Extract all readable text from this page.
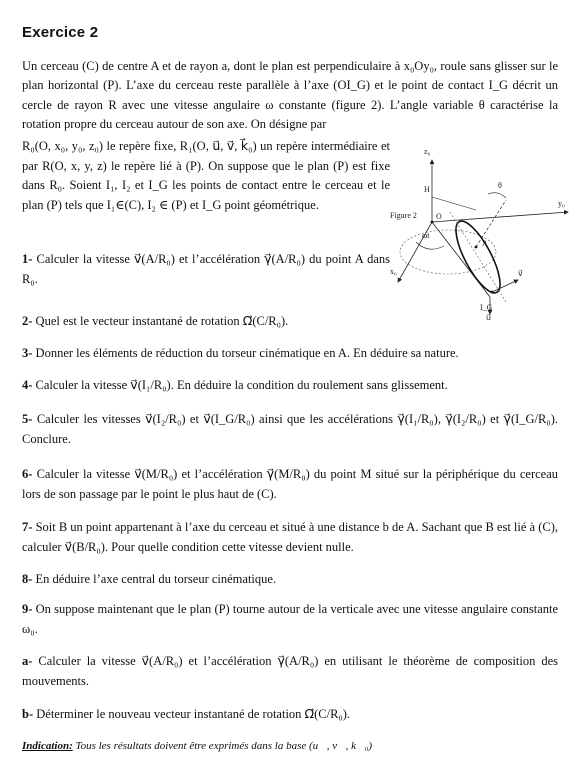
Exercice 2

Un cerceau (C) de centre A et de rayon a, dont le plan est perpendiculaire à x₀Oy₀, roule sans glisser sur le plan horizontal (P). L’axe du cerceau reste parallèle à l’axe (OI_G) et le point de contact I_G décrit un cercle de rayon R avec une vitesse angulaire ω constante (figure 2). L’angle variable θ caractérise la rotation propre du cerceau autour de son axe. On désigne par

R₀(O, x₀, y₀, z₀) le repère fixe, R₁(O, u⃗, v⃗, k⃗₀) un repère intermédiaire et par R(O, x, y, z) le repère lié à (P). On suppose que le plan (P) est fixe dans R₀. Soient I₁, I₂ et I_G les points de contact entre le cerceau et le plan (P) tels que I₁∈(C), I₂ ∈ (P) et I_G point géométrique.

1- Calculer la vitesse v⃗(A/R₀) et l’accélération γ⃗(A/R₀) du point A dans R₀.

2- Quel est le vecteur instantané de rotation Ω⃗(C/R₀).

3- Donner les éléments de réduction du torseur cinématique en A. En déduire sa nature.

4- Calculer la vitesse v⃗(I₁/R₀). En déduire la condition du roulement sans glissement.

5- Calculer les vitesses v⃗(I₂/R₀) et v⃗(I_G/R₀) ainsi que les accélérations γ⃗(I₁/R₀), γ⃗(I₂/R₀) et γ⃗(I_G/R₀). Conclure.

6- Calculer la vitesse v⃗(M/R₀) et l’accélération γ⃗(M/R₀) du point M situé sur la périphérique du cerceau lors de son passage par le point le plus haut de (C).

7- Soit B un point appartenant à l’axe du cerceau et situé à une distance b de A. Sachant que B est lié à (C), calculer v⃗(B/R₀). Pour quelle condition cette vitesse devient nulle.

8- En déduire l’axe central du torseur cinématique.

9- On suppose maintenant que le plan (P) tourne autour de la verticale avec une vitesse angulaire constante ω₀.

a- Calculer la vitesse v⃗(A/R₀) et l’accélération γ⃗(A/R₀) en utilisant le théorème de composition des mouvements.

b- Déterminer le nouveau vecteur instantané de rotation Ω⃗(C/R₀).

Indication: Tous les résultats doivent être exprimés dans la base (u⃗, v⃗, k⃗₀)

z₀
y₀
x₀
O
H
A
I_G
θ
ωt
u⃗
v⃗
Figure 2
